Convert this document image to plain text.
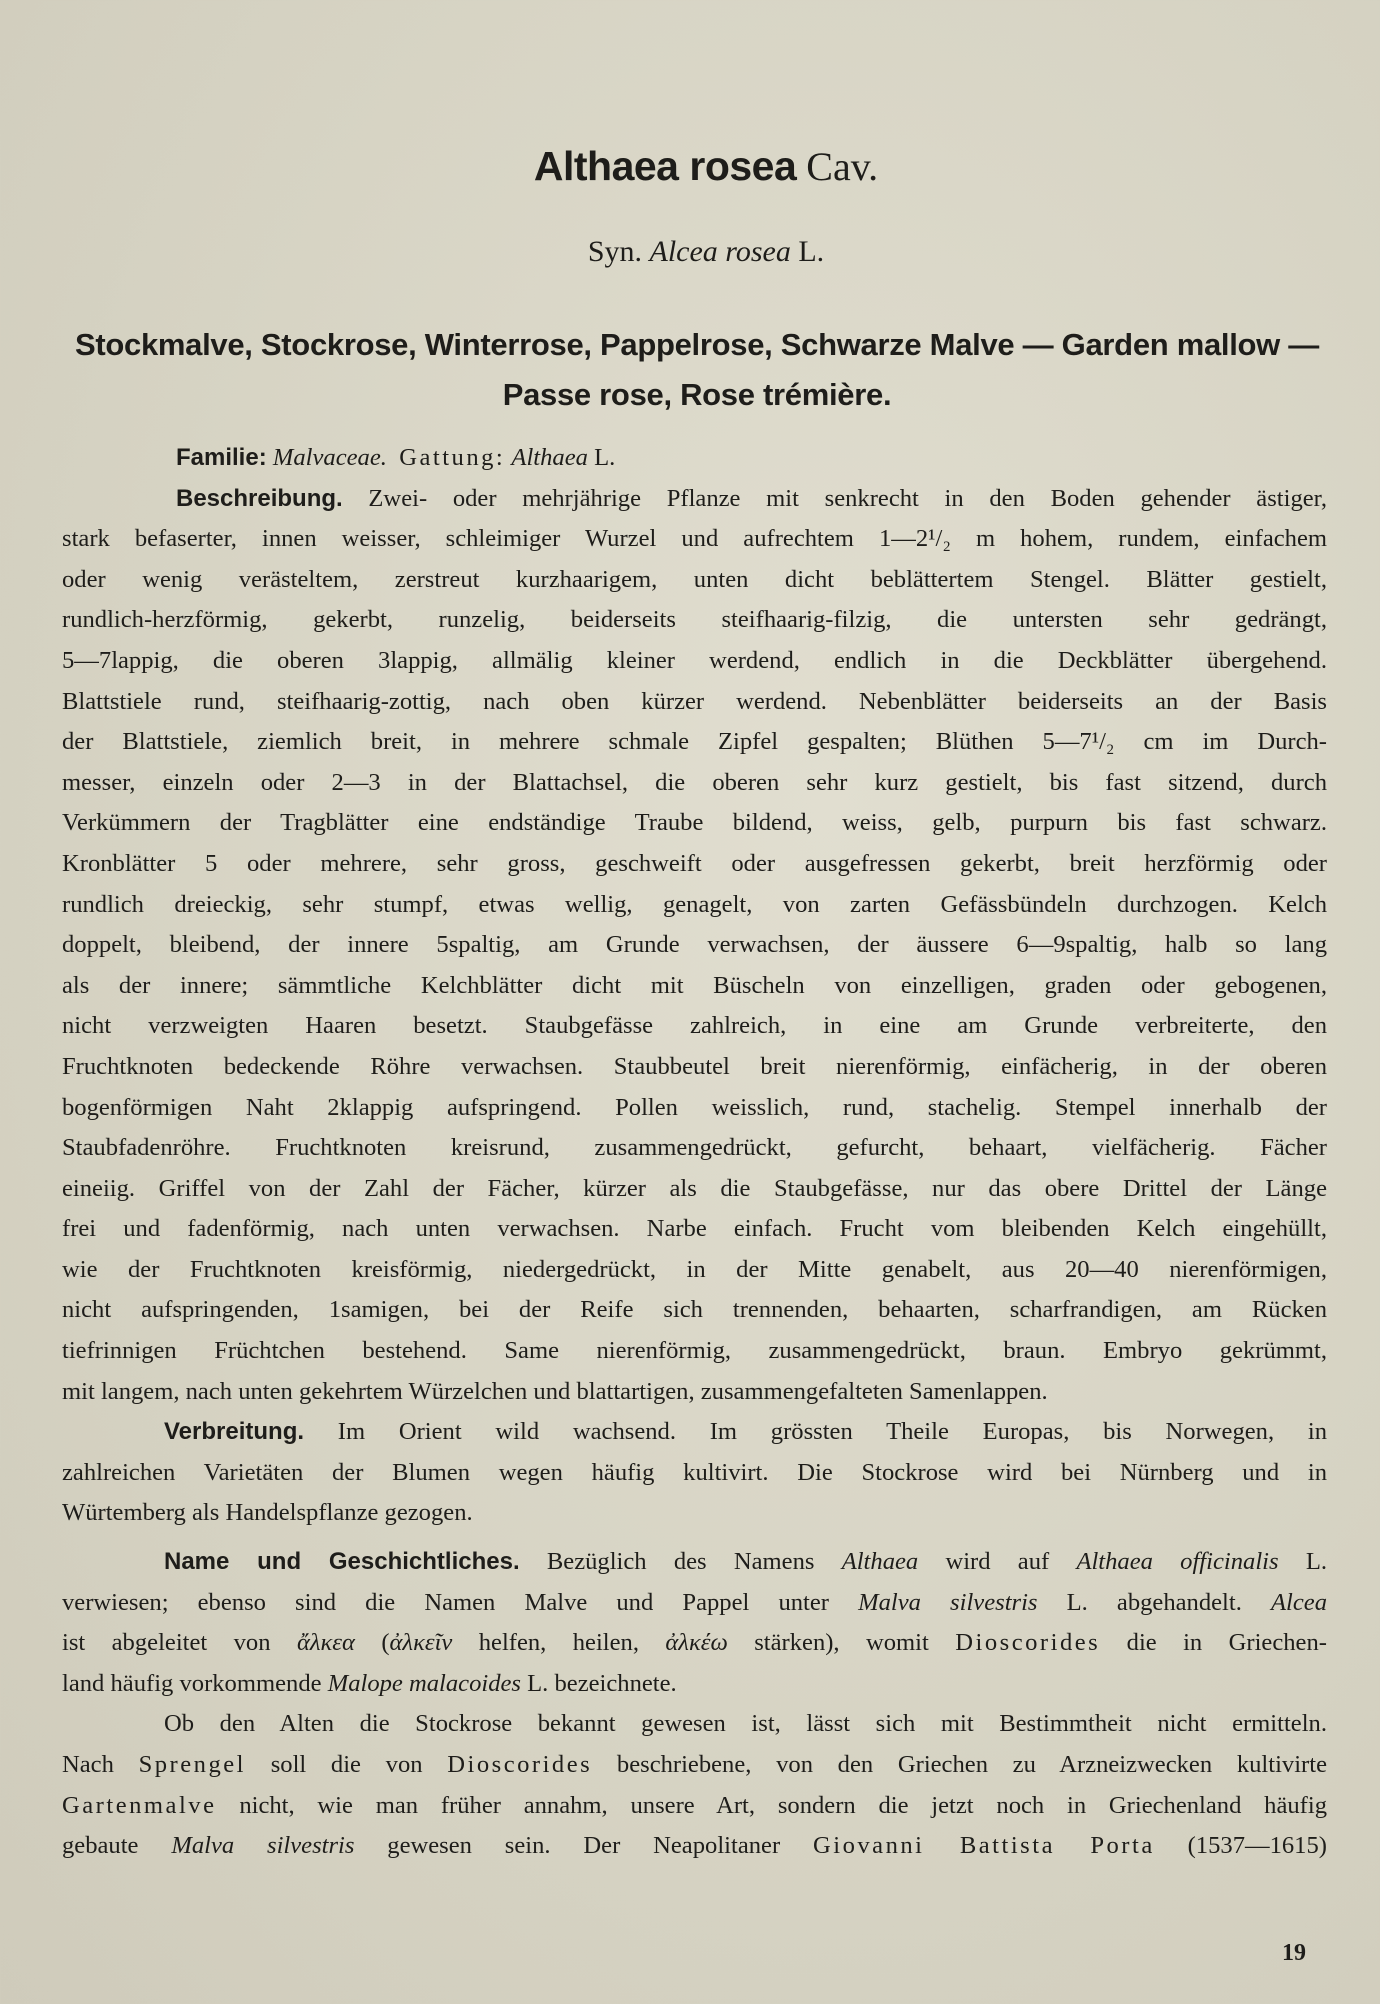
Althaea rosea Cav.
Syn. Alcea rosea L.
Stockmalve, Stockrose, Winterrose, Pappelrose, Schwarze Malve — Garden mallow —
Passe rose, Rose trémière.
Familie: Malvaceae. Gattung: Althaea L.
Beschreibung. Zwei- oder mehrjährige Pflanze mit senkrecht in den Boden gehender ästiger,
stark befaserter, innen weisser, schleimiger Wurzel und aufrechtem 1—2¹/₂ m hohem, rundem, einfachem
oder wenig verästeltem, zerstreut kurzhaarigem, unten dicht beblättertem Stengel. Blätter gestielt,
rundlich-herzförmig, gekerbt, runzelig, beiderseits steifhaarig-filzig, die untersten sehr gedrängt,
5—7lappig, die oberen 3lappig, allmälig kleiner werdend, endlich in die Deckblätter übergehend.
Blattstiele rund, steifhaarig-zottig, nach oben kürzer werdend. Nebenblätter beiderseits an der Basis
der Blattstiele, ziemlich breit, in mehrere schmale Zipfel gespalten; Blüthen 5—7¹/₂ cm im Durch-
messer, einzeln oder 2—3 in der Blattachsel, die oberen sehr kurz gestielt, bis fast sitzend, durch
Verkümmern der Tragblätter eine endständige Traube bildend, weiss, gelb, purpurn bis fast schwarz.
Kronblätter 5 oder mehrere, sehr gross, geschweift oder ausgefressen gekerbt, breit herzförmig oder
rundlich dreieckig, sehr stumpf, etwas wellig, genagelt, von zarten Gefässbündeln durchzogen. Kelch
doppelt, bleibend, der innere 5spaltig, am Grunde verwachsen, der äussere 6—9spaltig, halb so lang
als der innere; sämmtliche Kelchblätter dicht mit Büscheln von einzelligen, graden oder gebogenen,
nicht verzweigten Haaren besetzt. Staubgefässe zahlreich, in eine am Grunde verbreiterte, den
Fruchtknoten bedeckende Röhre verwachsen. Staubbeutel breit nierenförmig, einfächerig, in der oberen
bogenförmigen Naht 2klappig aufspringend. Pollen weisslich, rund, stachelig. Stempel innerhalb der
Staubfadenröhre. Fruchtknoten kreisrund, zusammengedrückt, gefurcht, behaart, vielfächerig. Fächer
eineiig. Griffel von der Zahl der Fächer, kürzer als die Staubgefässe, nur das obere Drittel der Länge
frei und fadenförmig, nach unten verwachsen. Narbe einfach. Frucht vom bleibenden Kelch eingehüllt,
wie der Fruchtknoten kreisförmig, niedergedrückt, in der Mitte genabelt, aus 20—40 nierenförmigen,
nicht aufspringenden, 1samigen, bei der Reife sich trennenden, behaarten, scharfrandigen, am Rücken
tiefrinnigen Früchtchen bestehend. Same nierenförmig, zusammengedrückt, braun. Embryo gekrümmt,
mit langem, nach unten gekehrtem Würzelchen und blattartigen, zusammengefalteten Samenlappen.
Verbreitung. Im Orient wild wachsend. Im grössten Theile Europas, bis Norwegen, in
zahlreichen Varietäten der Blumen wegen häufig kultivirt. Die Stockrose wird bei Nürnberg und in
Würtemberg als Handelspflanze gezogen.
Name und Geschichtliches. Bezüglich des Namens Althaea wird auf Althaea officinalis L.
verwiesen; ebenso sind die Namen Malve und Pappel unter Malva silvestris L. abgehandelt. Alcea
ist abgeleitet von ἄλκεα (ἀλκεῖν helfen, heilen, ἀλκέω stärken), womit Dioscorides die in Griechen-
land häufig vorkommende Malope malacoides L. bezeichnete.
Ob den Alten die Stockrose bekannt gewesen ist, lässt sich mit Bestimmtheit nicht ermitteln.
Nach Sprengel soll die von Dioscorides beschriebene, von den Griechen zu Arzneizwecken kultivirte
Gartenmalve nicht, wie man früher annahm, unsere Art, sondern die jetzt noch in Griechenland häufig
gebaute Malva silvestris gewesen sein. Der Neapolitaner Giovanni Battista Porta (1537—1615)
19
